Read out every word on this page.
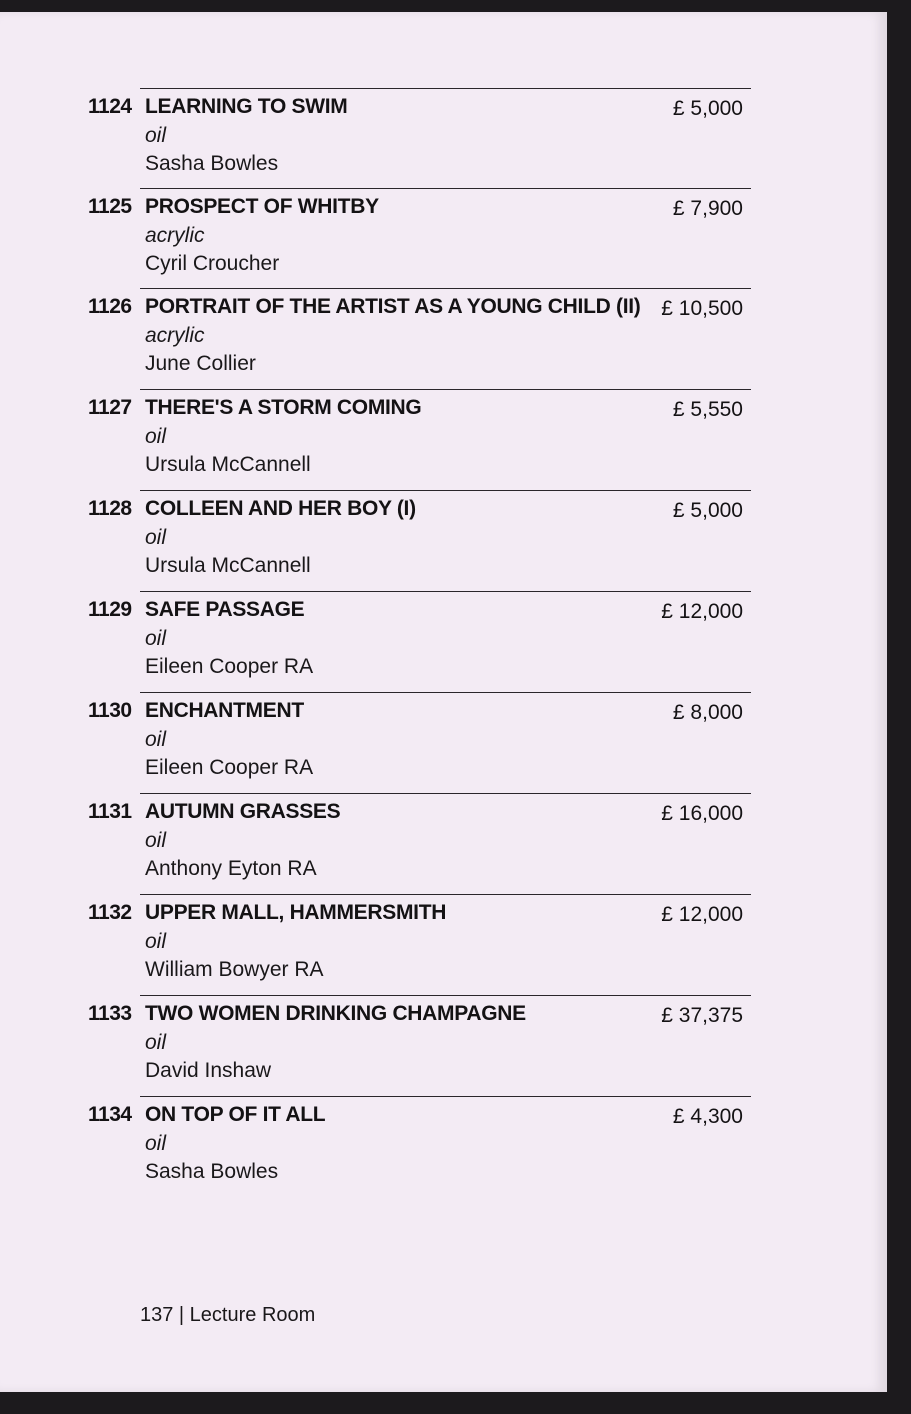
1124 LEARNING TO SWIM
oil
Sasha Bowles
£ 5,000
1125 PROSPECT OF WHITBY
acrylic
Cyril Croucher
£ 7,900
1126 PORTRAIT OF THE ARTIST AS A YOUNG CHILD (II)
acrylic
June Collier
£ 10,500
1127 THERE'S A STORM COMING
oil
Ursula McCannell
£ 5,550
1128 COLLEEN AND HER BOY (I)
oil
Ursula McCannell
£ 5,000
1129 SAFE PASSAGE
oil
Eileen Cooper RA
£ 12,000
1130 ENCHANTMENT
oil
Eileen Cooper RA
£ 8,000
1131 AUTUMN GRASSES
oil
Anthony Eyton RA
£ 16,000
1132 UPPER MALL, HAMMERSMITH
oil
William Bowyer RA
£ 12,000
1133 TWO WOMEN DRINKING CHAMPAGNE
oil
David Inshaw
£ 37,375
1134 ON TOP OF IT ALL
oil
Sasha Bowles
£ 4,300
137 | Lecture Room
